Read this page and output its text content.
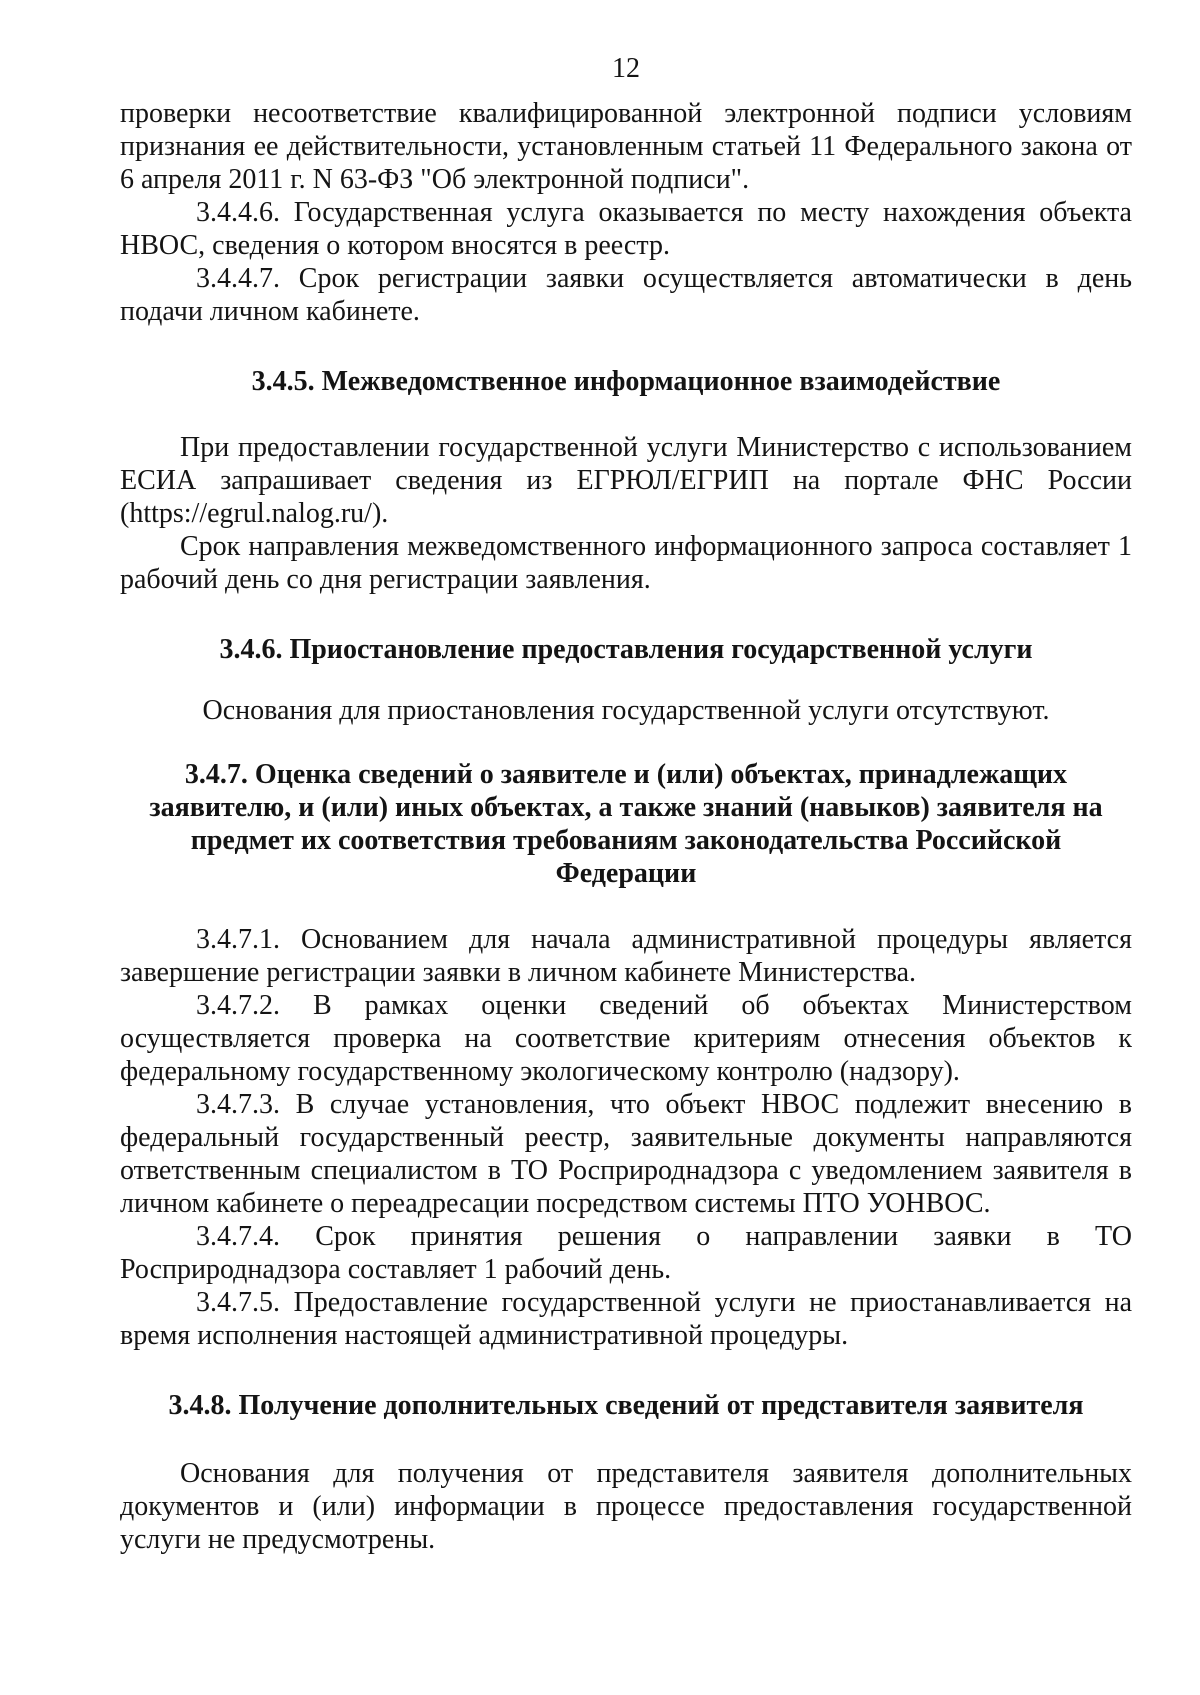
12

проверки несоответствие квалифицированной электронной подписи условиям признания ее действительности, установленным статьей 11 Федерального закона от 6 апреля 2011 г. N 63-ФЗ "Об электронной подписи".

3.4.4.6. Государственная услуга оказывается по месту нахождения объекта НВОС, сведения о котором вносятся в реестр.

3.4.4.7. Срок регистрации заявки осуществляется автоматически в день подачи личном кабинете.

3.4.5. Межведомственное информационное взаимодействие

При предоставлении государственной услуги Министерство с использованием ЕСИА запрашивает сведения из ЕГРЮЛ/ЕГРИП на портале ФНС России (https://egrul.nalog.ru/).

Срок направления межведомственного информационного запроса составляет 1 рабочий день со дня регистрации заявления.

3.4.6. Приостановление предоставления государственной услуги

Основания для приостановления государственной услуги отсутствуют.

3.4.7. Оценка сведений о заявителе и (или) объектах, принадлежащих заявителю, и (или) иных объектах, а также знаний (навыков) заявителя на предмет их соответствия требованиям законодательства Российской Федерации

3.4.7.1. Основанием для начала административной процедуры является завершение регистрации заявки в личном кабинете Министерства.

3.4.7.2. В рамках оценки сведений об объектах Министерством осуществляется проверка на соответствие критериям отнесения объектов к федеральному государственному экологическому контролю (надзору).

3.4.7.3. В случае установления, что объект НВОС подлежит внесению в федеральный государственный реестр, заявительные документы направляются ответственным специалистом в ТО Росприроднадзора с уведомлением заявителя в личном кабинете о переадресации посредством системы ПТО УОНВОС.

3.4.7.4. Срок принятия решения о направлении заявки в ТО Росприроднадзора составляет 1 рабочий день.

3.4.7.5. Предоставление государственной услуги не приостанавливается на время исполнения настоящей административной процедуры.

3.4.8. Получение дополнительных сведений от представителя заявителя

Основания для получения от представителя заявителя дополнительных документов и (или) информации в процессе предоставления государственной услуги не предусмотрены.
